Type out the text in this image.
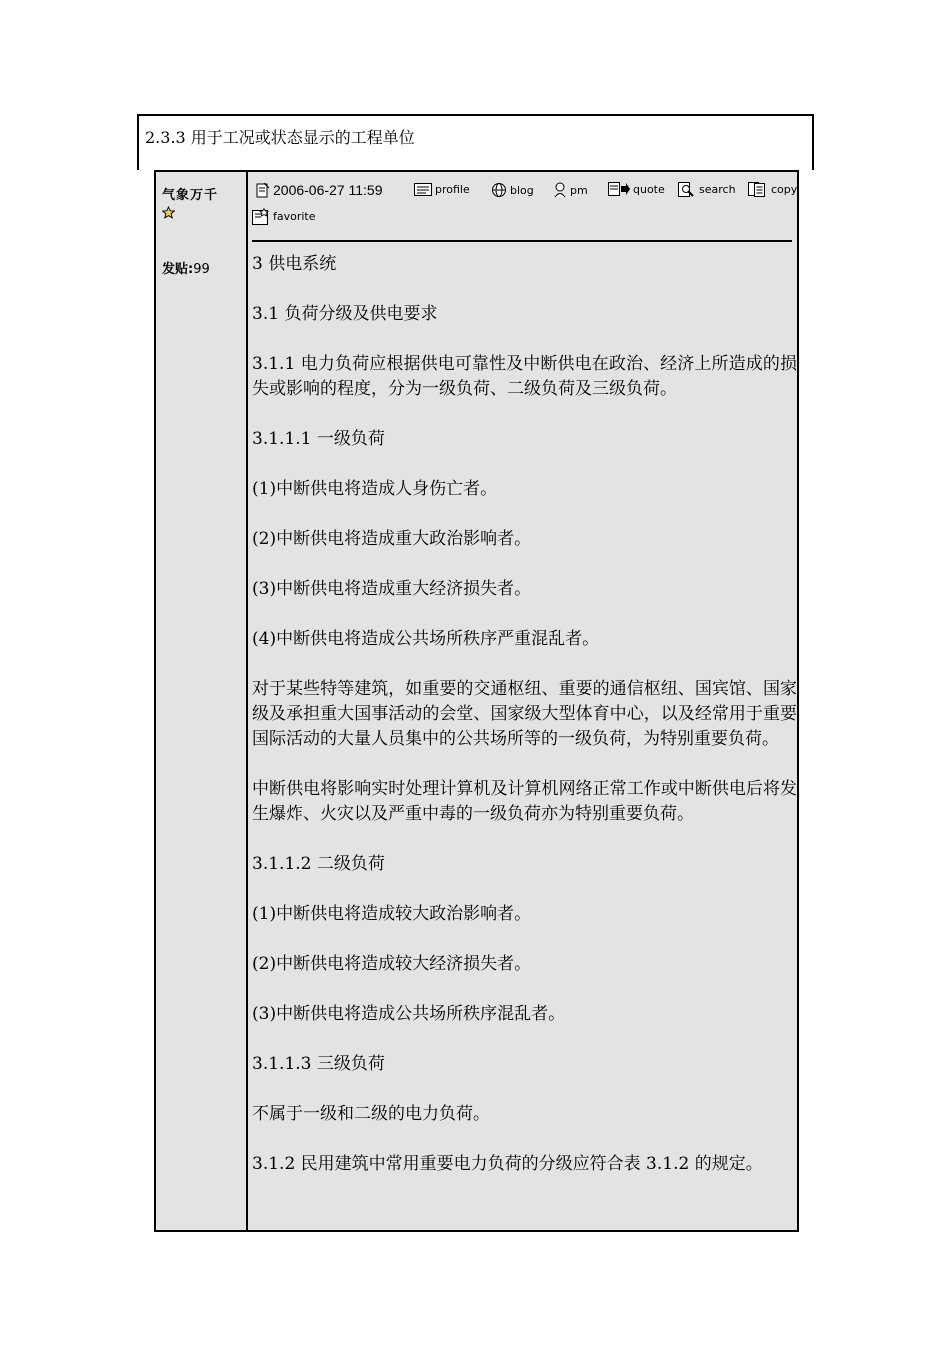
2.3.3 用于工况或状态显示的工程单位
气象万千
发贴:99
2006-06-27 11:59	profile	blog	pm	quote	search	copy
favorite

3 供电系统

3.1 负荷分级及供电要求

3.1.1 电力负荷应根据供电可靠性及中断供电在政治、经济上所造成的损失或影响的程度，分为一级负荷、二级负荷及三级负荷。

3.1.1.1 一级负荷

(1)中断供电将造成人身伤亡者。

(2)中断供电将造成重大政治影响者。

(3)中断供电将造成重大经济损失者。

(4)中断供电将造成公共场所秩序严重混乱者。

对于某些特等建筑，如重要的交通枢纽、重要的通信枢纽、国宾馆、国家级及承担重大国事活动的会堂、国家级大型体育中心，以及经常用于重要国际活动的大量人员集中的公共场所等的一级负荷，为特别重要负荷。

中断供电将影响实时处理计算机及计算机网络正常工作或中断供电后将发生爆炸、火灾以及严重中毒的一级负荷亦为特别重要负荷。

3.1.1.2 二级负荷

(1)中断供电将造成较大政治影响者。

(2)中断供电将造成较大经济损失者。

(3)中断供电将造成公共场所秩序混乱者。

3.1.1.3 三级负荷

不属于一级和二级的电力负荷。

3.1.2 民用建筑中常用重要电力负荷的分级应符合表 3.1.2 的规定。
